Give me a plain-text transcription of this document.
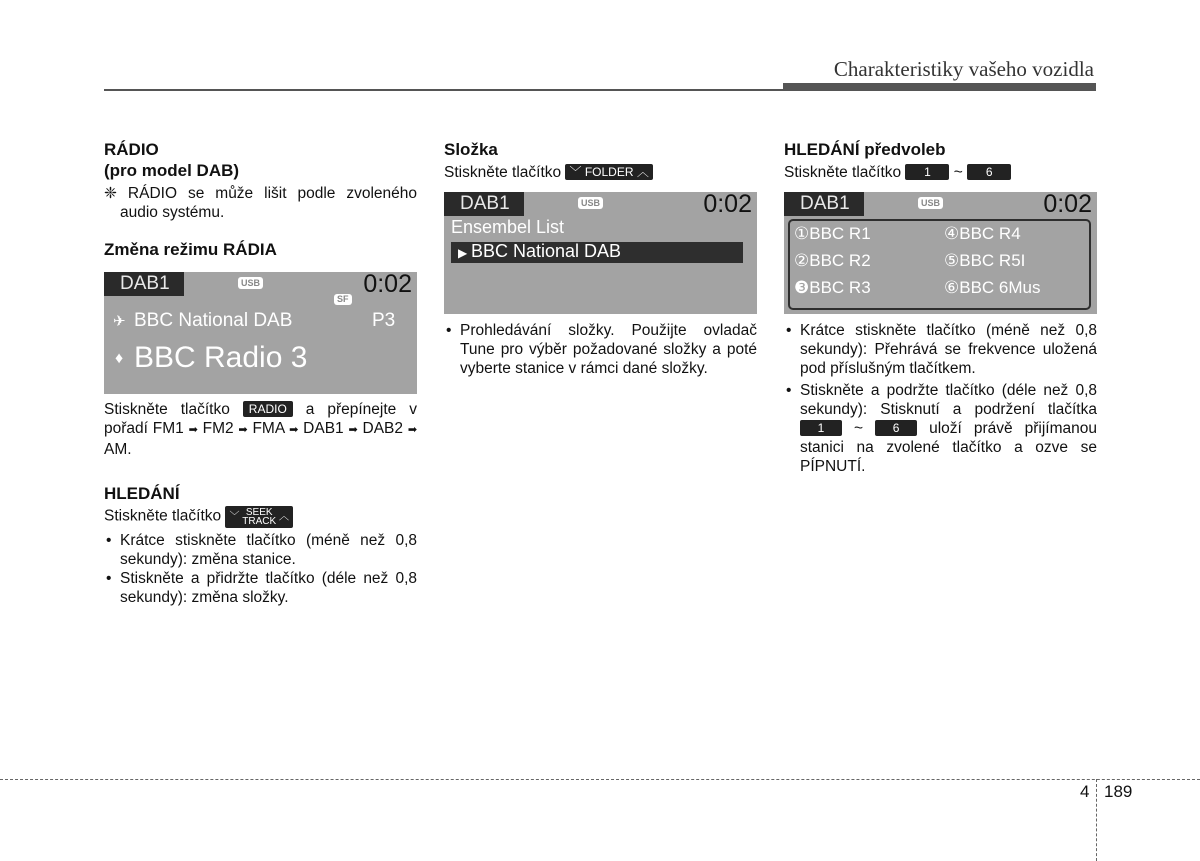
Charakteristiky vašeho vozidla
RÁDIO
(pro model DAB)

❈ RÁDIO se může lišit podle zvoleného audio systému.

Změna režimu RÁDIA
DAB1	USB	0:02
SF
✈ BBC National DAB	P3
♦ BBC Radio 3

Stiskněte tlačítko RADIO a přepínejte v pořadí FM1 ➡ FM2 ➡ FMA ➡ DAB1 ➡ DAB2 ➡ AM.

HLEDÁNÍ

Stiskněte tlačítko ﹀ SEEK
TRACK ︿

• Krátce stiskněte tlačítko (méně než 0,8 sekundy): změna stanice.

• Stiskněte a přidržte tlačítko (déle než 0,8 sekundy): změna složky.

Složka

Stiskněte tlačítko ﹀ FOLDER ︿

DAB1	USB	0:02
Ensembel List
▶ BBC National DAB

• Prohledávání složky. Použijte ovladač Tune pro výběr požadované složky a poté vyberte stanice v rámci dané složky.

HLEDÁNÍ předvoleb

Stiskněte tlačítko 1 ~ 6

DAB1	USB	0:02
①BBC R1	④BBC R4
②BBC R2	⑤BBC R5I
❸BBC R3	⑥BBC 6Mus

• Krátce stiskněte tlačítko (méně než 0,8 sekundy): Přehrává se frekvence uložená pod příslušným tlačítkem.

• Stiskněte a podržte tlačítko (déle než 0,8 sekundy): Stisknutí a podržení tlačítka 1 ~ 6 uloží právě přijímanou stanici na zvolené tlačítko a ozve se PÍPNUTÍ.

4 189
